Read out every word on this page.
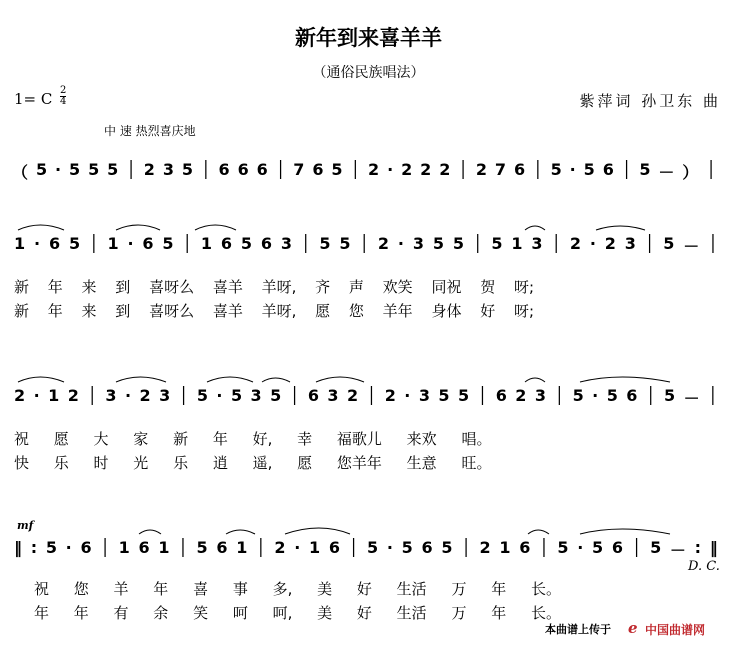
新年到来喜羊羊
（通俗民族唱法）
1= C $\frac{2}{4}$	紫萍词 孙卫东 曲
中 速 热烈喜庆地
（ 5 · 5 5 5 │ 2 3 5 │ 6 6 6 │ 7 6 5 │ 2 · 2 2 2 │ 2 7 6 │ 5 · 5 6 │ 5 － ） │
1 · 6 5 │ 1 · 6 5 │ 1 6 5 6 3 │ 5 5 │ 2 · 3 5 5 │ 5 1 3 │ 2 · 2 3 │ 5 － │
新 年 来 到 喜呀么 喜羊 羊呀, 齐 声 欢笑 同祝 贺 呀;
新 年 来 到 喜呀么 喜羊 羊呀, 愿 您 羊年 身体 好 呀;
2 · 1 2 │ 3 · 2 3 │ 5 · 5 3 5 │ 6 3 2 │ 2 · 3 5 5 │ 6 2 3 │ 5 · 5 6 │ 5 － │
祝 愿 大 家 新 年 好, 幸 福歌儿 来欢 唱。
快 乐 时 光 乐 逍 遥, 愿 您羊年 生意 旺。
mf
‖ : 5 · 6 │ 1 6 1 │ 5 6 1 │ 2 · 1 6 │ 5 · 5 6 5 │ 2 1 6 │ 5 · 5 6 │ 5 － : ‖
D. C.
祝 您 羊 年 喜 事 多, 美 好 生活 万 年 长。
年 年 有 余 笑 呵 呵, 美 好 生活 万 年 长。
本曲谱上传于 e 中国曲谱网
